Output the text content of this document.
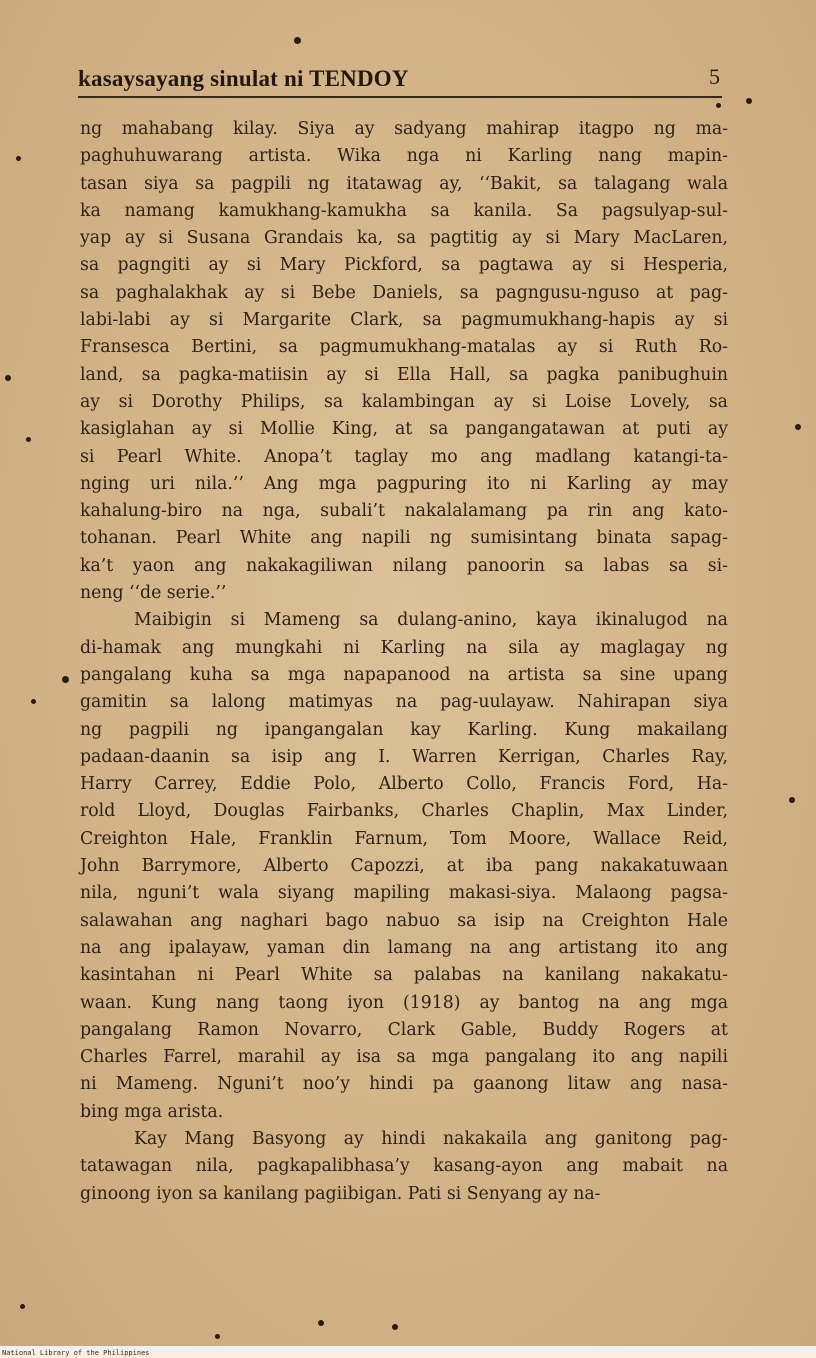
kasaysayang sinulat ni TENDOY	5
ng mahabang kilay. Siya ay sadyang mahirap itagpo ng ma-
paghuhuwarang artista. Wika nga ni Karling nang mapin-
tasan siya sa pagpili ng itatawag ay, ‘‘Bakit, sa talagang wala
ka namang kamukhang-kamukha sa kanila. Sa pagsulyap-sul-
yap ay si Susana Grandais ka, sa pagtitig ay si Mary MacLaren,
sa pagngiti ay si Mary Pickford, sa pagtawa ay si Hesperia,
sa paghalakhak ay si Bebe Daniels, sa pagngusu-nguso at pag-
labi-labi ay si Margarite Clark, sa pagmumukhang-hapis ay si
Fransesca Bertini, sa pagmumukhang-matalas ay si Ruth Ro-
land, sa pagka-matiisin ay si Ella Hall, sa pagka panibughuin
ay si Dorothy Philips, sa kalambingan ay si Loise Lovely, sa
kasiglahan ay si Mollie King, at sa pangangatawan at puti ay
si Pearl White. Anopa’t taglay mo ang madlang katangi-ta-
nging uri nila.’’ Ang mga pagpuring ito ni Karling ay may
kahalung-biro na nga, subali’t nakalalamang pa rin ang kato-
tohanan. Pearl White ang napili ng sumisintang binata sapag-
ka’t yaon ang nakakagiliwan nilang panoorin sa labas sa si-
neng ‘‘de serie.’’
Maibigin si Mameng sa dulang-anino, kaya ikinalugod na
di-hamak ang mungkahi ni Karling na sila ay maglagay ng
pangalang kuha sa mga napapanood na artista sa sine upang
gamitin sa lalong matimyas na pag-uulayaw. Nahirapan siya
ng pagpili ng ipangangalan kay Karling. Kung makailang
padaan-daanin sa isip ang I. Warren Kerrigan, Charles Ray,
Harry Carrey, Eddie Polo, Alberto Collo, Francis Ford, Ha-
rold Lloyd, Douglas Fairbanks, Charles Chaplin, Max Linder,
Creighton Hale, Franklin Farnum, Tom Moore, Wallace Reid,
John Barrymore, Alberto Capozzi, at iba pang nakakatuwaan
nila, nguni’t wala siyang mapiling makasi-siya. Malaong pagsa-
salawahan ang naghari bago nabuo sa isip na Creighton Hale
na ang ipalayaw, yaman din lamang na ang artistang ito ang
kasintahan ni Pearl White sa palabas na kanilang nakakatu-
waan. Kung nang taong iyon (1918) ay bantog na ang mga
pangalang Ramon Novarro, Clark Gable, Buddy Rogers at
Charles Farrel, marahil ay isa sa mga pangalang ito ang napili
ni Mameng. Nguni’t noo’y hindi pa gaanong litaw ang nasa-
bing mga arista.
Kay Mang Basyong ay hindi nakakaila ang ganitong pag-
tatawagan nila, pagkapalibhasa’y kasang-ayon ang mabait na
ginoong iyon sa kanilang pagiibigan. Pati si Senyang ay na-
National Library of the Philippines
